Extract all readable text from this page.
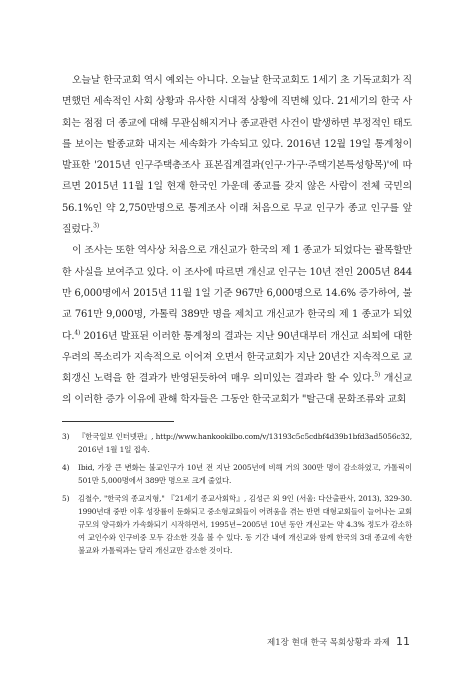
오늘날 한국교회 역시 예외는 아니다. 오늘날 한국교회도 1세기 초 기독교회가 직면했던 세속적인 사회 상황과 유사한 시대적 상황에 직면해 있다. 21세기의 한국 사회는 점점 더 종교에 대해 무관심해지거나 종교관련 사건이 발생하면 부정적인 태도를 보이는 탈종교화 내지는 세속화가 가속되고 있다. 2016년 12월 19일 통계청이 발표한 '2015년 인구주택총조사 표본집계결과(인구·가구·주택기본특성항목)'에 따르면 2015년 11월 1일 현재 한국인 가운데 종교를 갖지 않은 사람이 전체 국민의 56.1%인 약 2,750만명으로 통계조사 이래 처음으로 무교 인구가 종교 인구를 앞질렀다.$^{3)}$

이 조사는 또한 역사상 처음으로 개신교가 한국의 제 1 종교가 되었다는 괄목할만한 사실을 보여주고 있다. 이 조사에 따르면 개신교 인구는 10년 전인 2005년 844만 6,000명에서 2015년 11월 1일 기준 967만 6,000명으로 14.6% 증가하여, 불교 761만 9,000명, 가톨릭 389만 명을 제치고 개신교가 한국의 제 1 종교가 되었다.$^{4)}$ 2016년 발표된 이러한 통계청의 결과는 지난 90년대부터 개신교 쇠퇴에 대한 우려의 목소리가 지속적으로 이어져 오면서 한국교회가 지난 20년간 지속적으로 교회갱신 노력을 한 결과가 반영된듯하여 매우 의미있는 결과라 할 수 있다.$^{5)}$ 개신교의 이러한 증가 이유에 관해 학자들은 그동안 한국교회가 "탈근대 문화조류와 교회

3)	『한국일보 인터넷판』, http://www.hankookilbo.com/v/13193c5c5cdbf4d39b1bfd3ad5056c32, 2016년 1월 1일 접속.
4)	Ibid, 가장 큰 변화는 불교인구가 10년 전 지난 2005년에 비해 거의 300만 명이 감소하였고, 가톨릭이 501만 5,000명에서 389만 명으로 크게 줄었다.
5)	김철수, "한국의 종교지형," 『21세기 종교사회학』, 김성근 외 9인 (서울: 다산출판사, 2013), 329-30. 1990년대 중반 이후 성장률이 둔화되고 중소형교회들이 어려움을 겪는 반면 대형교회들이 늘어나는 교회규모의 양극화가 가속화되기 시작하면서, 1995년~2005년 10년 동안 개신교는 약 4.3% 정도가 감소하여 교인수와 인구비중 모두 감소한 것을 볼 수 있다. 동 기간 내에 개신교와 함께 한국의 3대 종교에 속한 불교와 가톨릭과는 달리 개신교만 감소한 것이다.
제1장 현대 한국 목회상황과 과제 11
